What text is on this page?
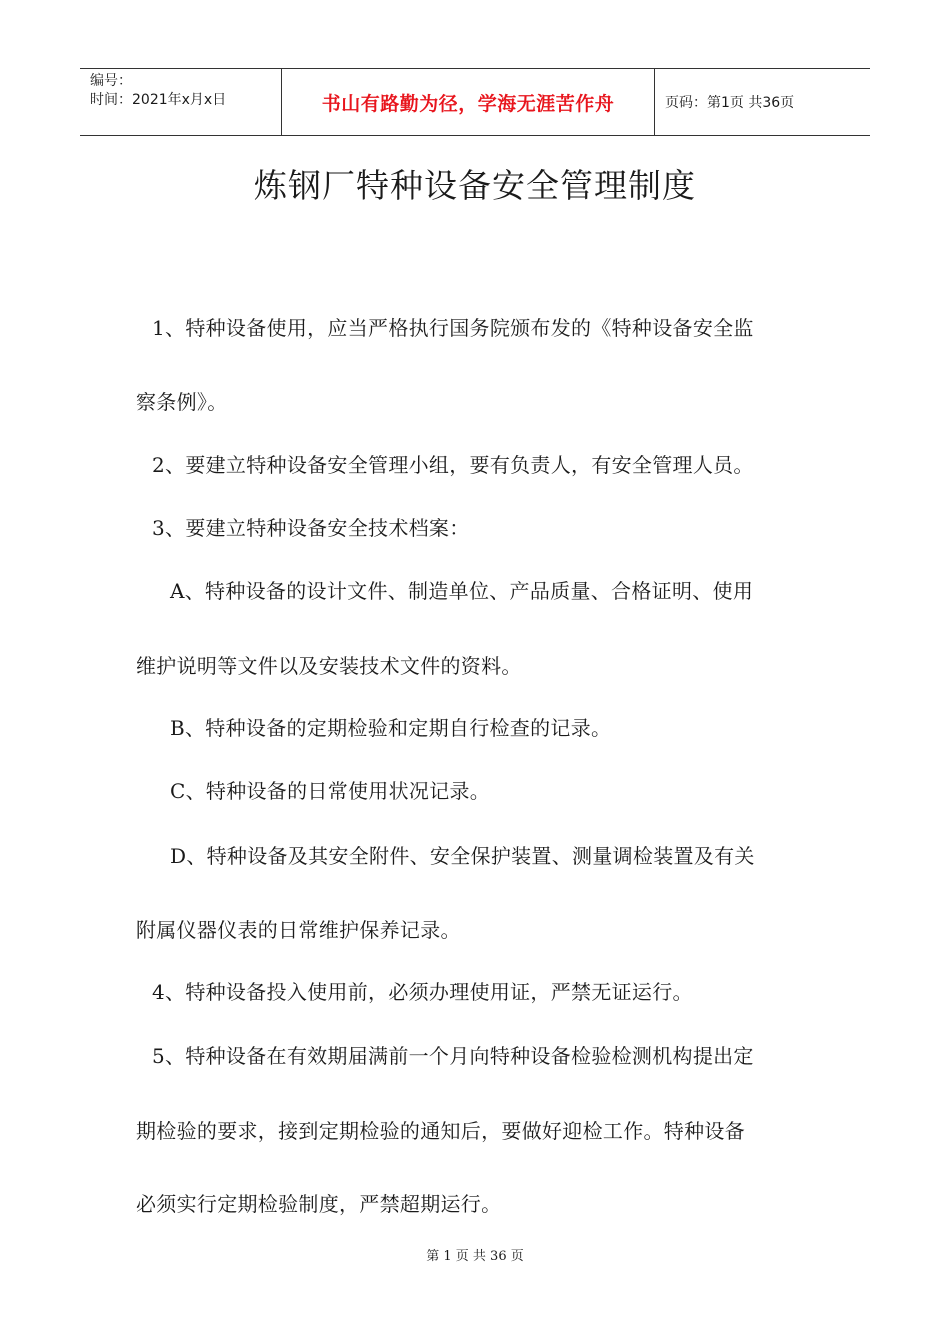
编号：
时间：2021年x月x日	书山有路勤为径，学海无涯苦作舟	页码：第1页 共36页
炼钢厂特种设备安全管理制度
1、特种设备使用，应当严格执行国务院颁布发的《特种设备安全监
察条例》。
2、要建立特种设备安全管理小组，要有负责人，有安全管理人员。
3、要建立特种设备安全技术档案：
A、特种设备的设计文件、制造单位、产品质量、合格证明、使用
维护说明等文件以及安装技术文件的资料。
B、特种设备的定期检验和定期自行检查的记录。
C、特种设备的日常使用状况记录。
D、特种设备及其安全附件、安全保护装置、测量调检装置及有关
附属仪器仪表的日常维护保养记录。
4、特种设备投入使用前，必须办理使用证，严禁无证运行。
5、特种设备在有效期届满前一个月向特种设备检验检测机构提出定
期检验的要求，接到定期检验的通知后，要做好迎检工作。特种设备
必须实行定期检验制度，严禁超期运行。
第 1 页 共 36 页
